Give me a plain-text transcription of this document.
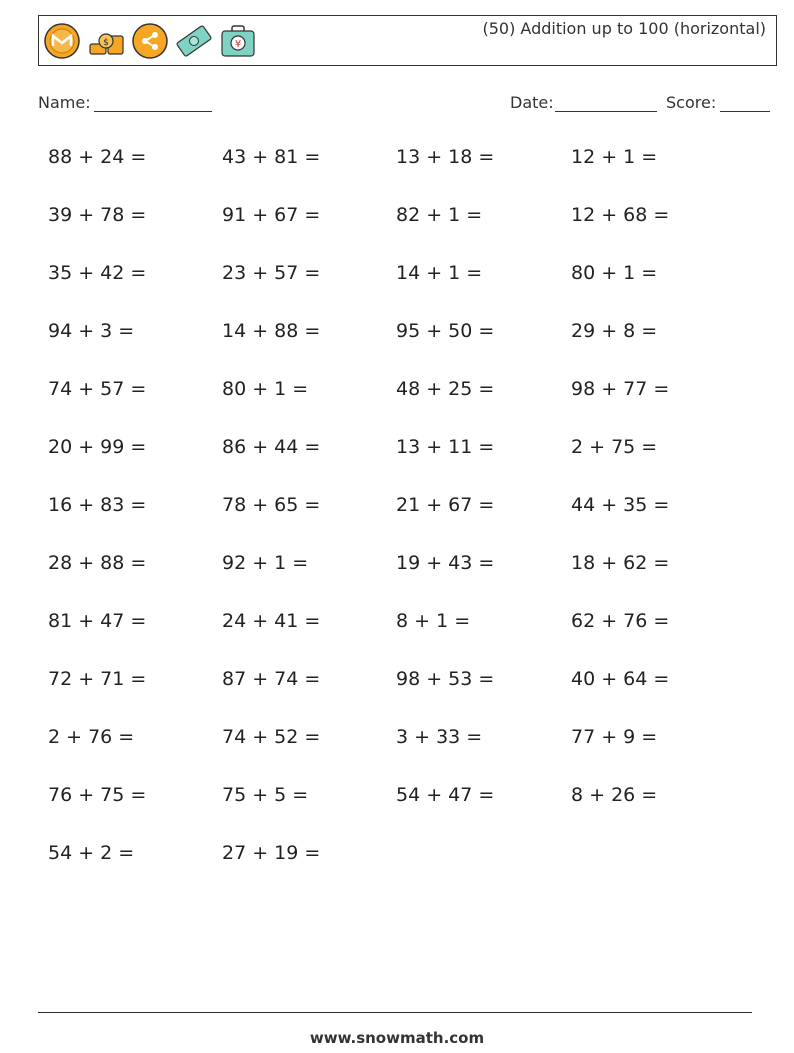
$	¥
(50) Addition up to 100 (horizontal)
Name:	Date:	Score:
88 + 24 =	43 + 81 =	13 + 18 =	12 + 1 =
39 + 78 =	91 + 67 =	82 + 1 =	12 + 68 =
35 + 42 =	23 + 57 =	14 + 1 =	80 + 1 =
94 + 3 =	14 + 88 =	95 + 50 =	29 + 8 =
74 + 57 =	80 + 1 =	48 + 25 =	98 + 77 =
20 + 99 =	86 + 44 =	13 + 11 =	2 + 75 =
16 + 83 =	78 + 65 =	21 + 67 =	44 + 35 =
28 + 88 =	92 + 1 =	19 + 43 =	18 + 62 =
81 + 47 =	24 + 41 =	8 + 1 =	62 + 76 =
72 + 71 =	87 + 74 =	98 + 53 =	40 + 64 =
2 + 76 =	74 + 52 =	3 + 33 =	77 + 9 =
76 + 75 =	75 + 5 =	54 + 47 =	8 + 26 =
54 + 2 =	27 + 19 =
www.snowmath.com
